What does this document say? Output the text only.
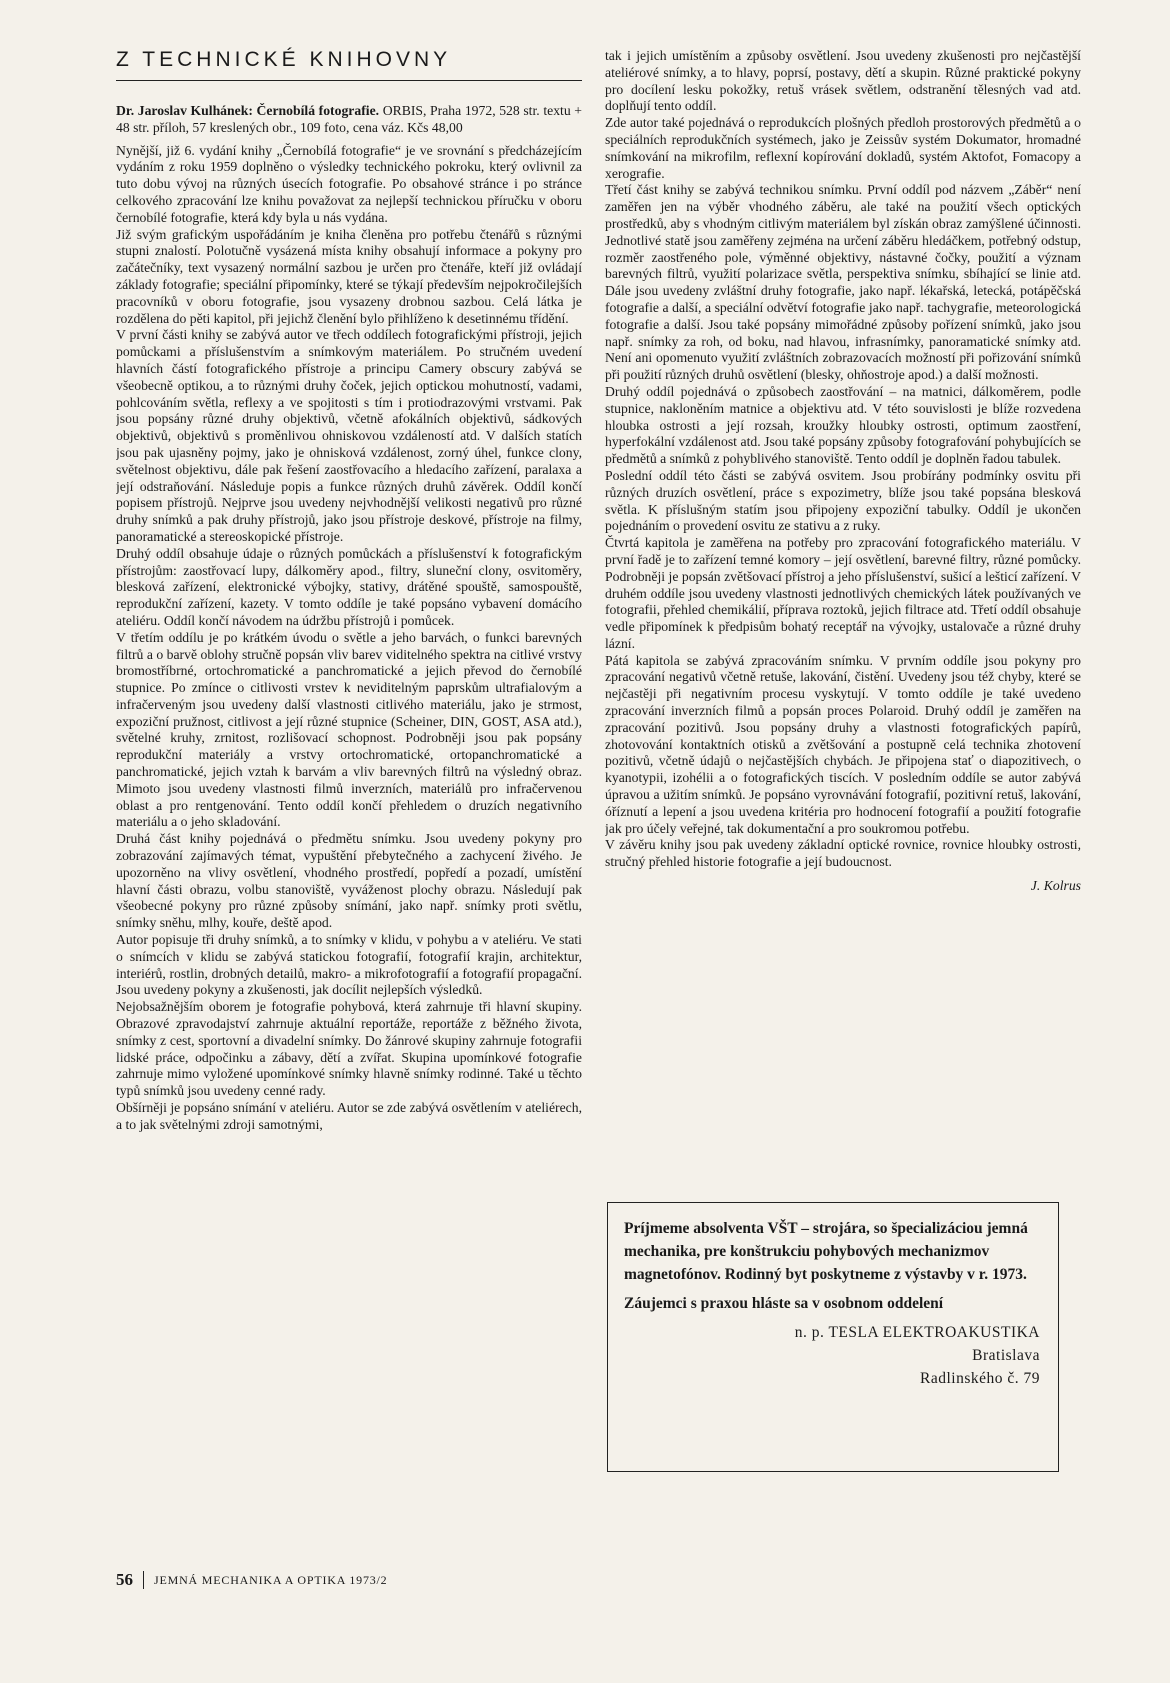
Z TECHNICKÉ KNIHOVNY
Dr. Jaroslav Kulhánek: Černobílá fotografie. ORBIS, Praha 1972, 528 str. textu + 48 str. příloh, 57 kreslených obr., 109 foto, cena váz. Kčs 48,00

Nynější, již 6. vydání knihy „Černobílá fotografie“ je ve srovnání s předcházejícím vydáním z roku 1959 doplněno o výsledky technického pokroku, který ovlivnil za tuto dobu vývoj na různých úsecích fotografie. Po obsahové stránce i po stránce celkového zpracování lze knihu považovat za nejlepší technickou příručku v oboru černobílé fotografie, která kdy byla u nás vydána.

Již svým grafickým uspořádáním je kniha členěna pro potřebu čtenářů s různými stupni znalostí. Polotučně vysázená místa knihy obsahují informace a pokyny pro začátečníky, text vysazený normální sazbou je určen pro čtenáře, kteří již ovládají základy fotografie; speciální připomínky, které se týkají především nejpokročilejších pracovníků v oboru fotografie, jsou vysazeny drobnou sazbou. Celá látka je rozdělena do pěti kapitol, při jejichž členění bylo přihlíženo k desetinnému třídění.

V první části knihy se zabývá autor ve třech oddílech fotografickými přístroji, jejich pomůckami a příslušenstvím a snímkovým materiálem. Po stručném uvedení hlavních částí fotografického přístroje a principu Camery obscury zabývá se všeobecně optikou, a to různými druhy čoček, jejich optickou mohutností, vadami, pohlcováním světla, reflexy a ve spojitosti s tím i protiodrazovými vrstvami. Pak jsou popsány různé druhy objektivů, včetně afokálních objektivů, sádkových objektivů, objektivů s proměnlivou ohniskovou vzdáleností atd. V dalších statích jsou pak ujasněny pojmy, jako je ohnisková vzdálenost, zorný úhel, funkce clony, světelnost objektivu, dále pak řešení zaostřovacího a hledacího zařízení, paralaxa a její odstraňování. Následuje popis a funkce různých druhů závěrek. Oddíl končí popisem přístrojů. Nejprve jsou uvedeny nejvhodnější velikosti negativů pro různé druhy snímků a pak druhy přístrojů, jako jsou přístroje deskové, přístroje na filmy, panoramatické a stereoskopické přístroje.

Druhý oddíl obsahuje údaje o různých pomůckách a příslušenství k fotografickým přístrojům: zaostřovací lupy, dálkoměry apod., filtry, sluneční clony, osvitoměry, blesková zařízení, elektronické výbojky, stativy, drátěné spouště, samospouště, reprodukční zařízení, kazety. V tomto oddíle je také popsáno vybavení domácího ateliéru. Oddíl končí návodem na údržbu přístrojů i pomůcek.

V třetím oddílu je po krátkém úvodu o světle a jeho barvách, o funkci barevných filtrů a o barvě oblohy stručně popsán vliv barev viditelného spektra na citlivé vrstvy bromostříbrné, ortochromatické a panchromatické a jejich převod do černobílé stupnice. Po zmínce o citlivosti vrstev k neviditelným paprskům ultrafialovým a infračerveným jsou uvedeny další vlastnosti citlivého materiálu, jako je strmost, expoziční pružnost, citlivost a její různé stupnice (Scheiner, DIN, GOST, ASA atd.), světelné kruhy, zrnitost, rozlišovací schopnost. Podrobněji jsou pak popsány reprodukční materiály a vrstvy ortochromatické, ortopanchromatické a panchromatické, jejich vztah k barvám a vliv barevných filtrů na výsledný obraz. Mimoto jsou uvedeny vlastnosti filmů inverzních, materiálů pro infračervenou oblast a pro rentgenování. Tento oddíl končí přehledem o druzích negativního materiálu a o jeho skladování.

Druhá část knihy pojednává o předmětu snímku. Jsou uvedeny pokyny pro zobrazování zajímavých témat, vypuštění přebytečného a zachycení živého. Je upozorněno na vlivy osvětlení, vhodného prostředí, popředí a pozadí, umístění hlavní části obrazu, volbu stanoviště, vyváženost plochy obrazu. Následují pak všeobecné pokyny pro různé způsoby snímání, jako např. snímky proti světlu, snímky sněhu, mlhy, kouře, deště apod.

Autor popisuje tři druhy snímků, a to snímky v klidu, v pohybu a v ateliéru. Ve stati o snímcích v klidu se zabývá statickou fotografií, fotografií krajin, architektur, interiérů, rostlin, drobných detailů, makro- a mikrofotografií a fotografií propagační. Jsou uvedeny pokyny a zkušenosti, jak docílit nejlepších výsledků.

Nejobsažnějším oborem je fotografie pohybová, která zahrnuje tři hlavní skupiny. Obrazové zpravodajství zahrnuje aktuální reportáže, reportáže z běžného života, snímky z cest, sportovní a divadelní snímky. Do žánrové skupiny zahrnuje fotografii lidské práce, odpočinku a zábavy, dětí a zvířat. Skupina upomínkové fotografie zahrnuje mimo vyložené upomínkové snímky hlavně snímky rodinné. Také u těchto typů snímků jsou uvedeny cenné rady.

Obšírněji je popsáno snímání v ateliéru. Autor se zde zabývá osvětlením v ateliérech, a to jak světelnými zdroji samotnými,

tak i jejich umístěním a způsoby osvětlení. Jsou uvedeny zkušenosti pro nejčastější ateliérové snímky, a to hlavy, poprsí, postavy, dětí a skupin. Různé praktické pokyny pro docílení lesku pokožky, retuš vrásek světlem, odstranění tělesných vad atd. doplňují tento oddíl.

Zde autor také pojednává o reprodukcích plošných předloh prostorových předmětů a o speciálních reprodukčních systémech, jako je Zeissův systém Dokumator, hromadné snímkování na mikrofilm, reflexní kopírování dokladů, systém Aktofot, Fomacopy a xerografie.

Třetí část knihy se zabývá technikou snímku. První oddíl pod názvem „Záběr“ není zaměřen jen na výběr vhodného záběru, ale také na použití všech optických prostředků, aby s vhodným citlivým materiálem byl získán obraz zamýšlené účinnosti. Jednotlivé statě jsou zaměřeny zejména na určení záběru hledáčkem, potřebný odstup, rozměr zaostřeného pole, výměnné objektivy, nástavné čočky, použití a význam barevných filtrů, využití polarizace světla, perspektiva snímku, sbíhající se linie atd. Dále jsou uvedeny zvláštní druhy fotografie, jako např. lékařská, letecká, potápěčská fotografie a další, a speciální odvětví fotografie jako např. tachygrafie, meteorologická fotografie a další. Jsou také popsány mimořádné způsoby pořízení snímků, jako jsou např. snímky za roh, od boku, nad hlavou, infrasnímky, panoramatické snímky atd. Není ani opomenuto využití zvláštních zobrazovacích možností při pořizování snímků při použití různých druhů osvětlení (blesky, ohňostroje apod.) a další možnosti.

Druhý oddíl pojednává o způsobech zaostřování – na matnici, dálkoměrem, podle stupnice, nakloněním matnice a objektivu atd. V této souvislosti je blíže rozvedena hloubka ostrosti a její rozsah, kroužky hloubky ostrosti, optimum zaostření, hyperfokální vzdálenost atd. Jsou také popsány způsoby fotografování pohybujících se předmětů a snímků z pohyblivého stanoviště. Tento oddíl je doplněn řadou tabulek.

Poslední oddíl této části se zabývá osvitem. Jsou probírány podmínky osvitu při různých druzích osvětlení, práce s expozimetry, blíže jsou také popsána blesková světla. K příslušným statím jsou připojeny expoziční tabulky. Oddíl je ukončen pojednáním o provedení osvitu ze stativu a z ruky.

Čtvrtá kapitola je zaměřena na potřeby pro zpracování fotografického materiálu. V první řadě je to zařízení temné komory – její osvětlení, barevné filtry, různé pomůcky. Podrobněji je popsán zvětšovací přístroj a jeho příslušenství, sušicí a lešticí zařízení. V druhém oddíle jsou uvedeny vlastnosti jednotlivých chemických látek používaných ve fotografii, přehled chemikálií, příprava roztoků, jejich filtrace atd. Třetí oddíl obsahuje vedle připomínek k předpisům bohatý receptář na vývojky, ustalovače a různé druhy lázní.

Pátá kapitola se zabývá zpracováním snímku. V prvním oddíle jsou pokyny pro zpracování negativů včetně retuše, lakování, čistění. Uvedeny jsou též chyby, které se nejčastěji při negativním procesu vyskytují. V tomto oddíle je také uvedeno zpracování inverzních filmů a popsán proces Polaroid. Druhý oddíl je zaměřen na zpracování pozitivů. Jsou popsány druhy a vlastnosti fotografických papírů, zhotovování kontaktních otisků a zvětšování a postupně celá technika zhotovení pozitivů, včetně údajů o nejčastějších chybách. Je připojena stať o diapozitivech, o kyanotypii, izohélii a o fotografických tiscích. V posledním oddíle se autor zabývá úpravou a užitím snímků. Je popsáno vyrovnávání fotografií, pozitivní retuš, lakování, óříznutí a lepení a jsou uvedena kritéria pro hodnocení fotografií a použití fotografie jak pro účely veřejné, tak dokumentační a pro soukromou potřebu.

V závěru knihy jsou pak uvedeny základní optické rovnice, rovnice hloubky ostrosti, stručný přehled historie fotografie a její budoucnost.

J. Kolrus

Príjmeme absolventa VŠT – strojára, so špecializáciou jemná mechanika, pre konštrukciu pohybových mechanizmov magnetofónov. Rodinný byt poskytneme z výstavby v r. 1973.

Záujemci s praxou hláste sa v osobnom oddelení

n. p. TESLA ELEKTROAKUSTIKA
Bratislava
Radlinského č. 79
56 JEMNÁ MECHANIKA A OPTIKA 1973/2
